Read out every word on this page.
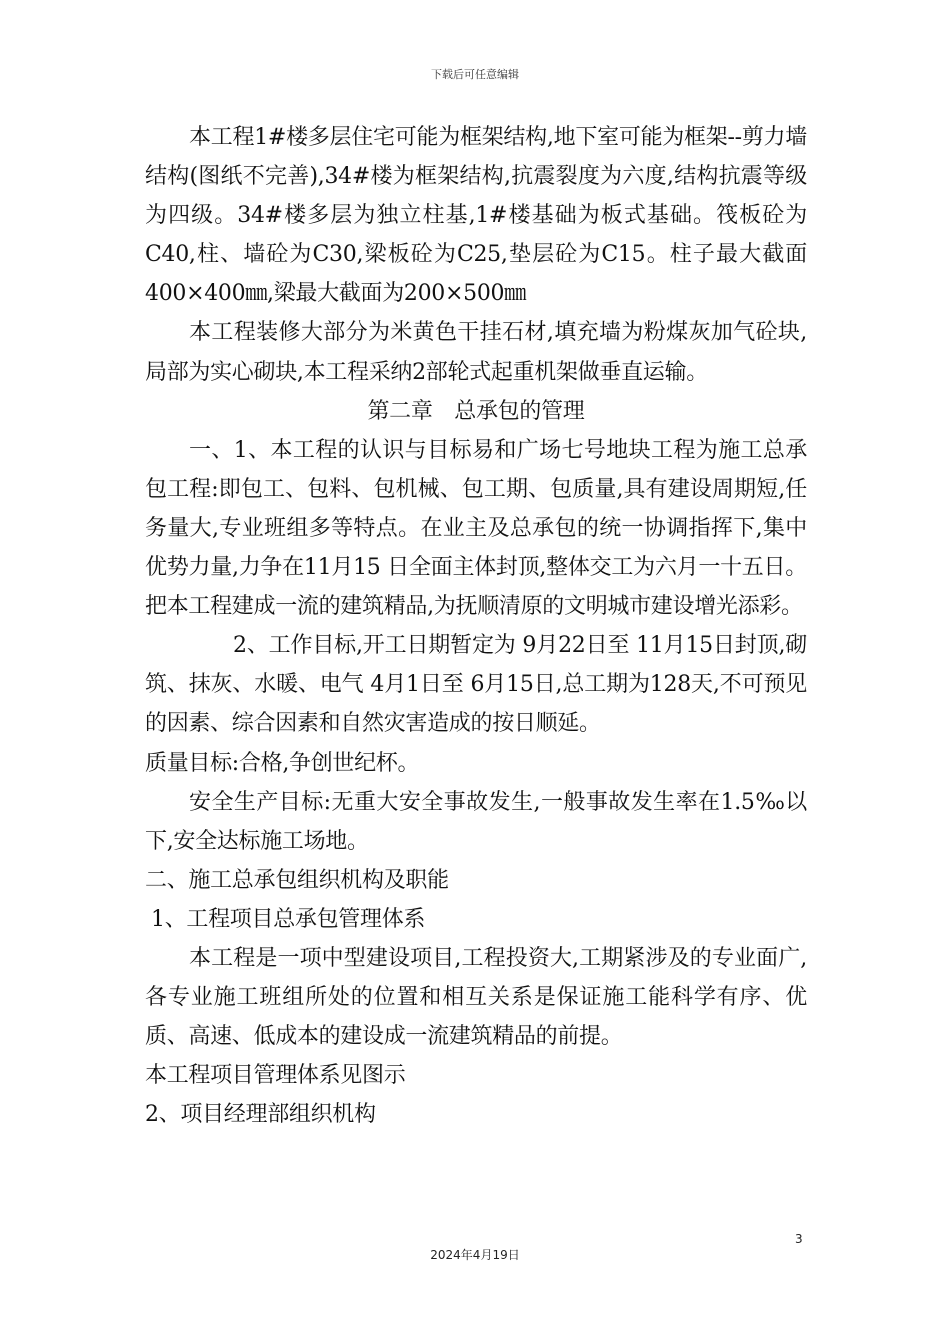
下载后可任意编辑

本工程1#楼多层住宅可能为框架结构,地下室可能为框架--剪力墙结构(图纸不完善),34#楼为框架结构,抗震裂度为六度,结构抗震等级为四级。34#楼多层为独立柱基,1#楼基础为板式基础。筏板砼为C40,柱、墙砼为C30,梁板砼为C25,垫层砼为C15。柱子最大截面400×400㎜,梁最大截面为200×500㎜

本工程装修大部分为米黄色干挂石材,填充墙为粉煤灰加气砼块,局部为实心砌块,本工程采纳2部轮式起重机架做垂直运输。

第二章　总承包的管理

一、1、本工程的认识与目标易和广场七号地块工程为施工总承包工程:即包工、包料、包机械、包工期、包质量,具有建设周期短,任务量大,专业班组多等特点。在业主及总承包的统一协调指挥下,集中优势力量,力争在11月15 日全面主体封顶,整体交工为六月一十五日。把本工程建成一流的建筑精品,为抚顺清原的文明城市建设增光添彩。

2、工作目标,开工日期暂定为 9月22日至 11月15日封顶,砌筑、抹灰、水暖、电气 4月1日至 6月15日,总工期为128天,不可预见的因素、综合因素和自然灾害造成的按日顺延。

质量目标:合格,争创世纪杯。

安全生产目标:无重大安全事故发生,一般事故发生率在1.5‰以下,安全达标施工场地。

二、施工总承包组织机构及职能

1、工程项目总承包管理体系

本工程是一项中型建设项目,工程投资大,工期紧涉及的专业面广,各专业施工班组所处的位置和相互关系是保证施工能科学有序、优质、高速、低成本的建设成一流建筑精品的前提。

本工程项目管理体系见图示

2、项目经理部组织机构

3
2024年4月19日
